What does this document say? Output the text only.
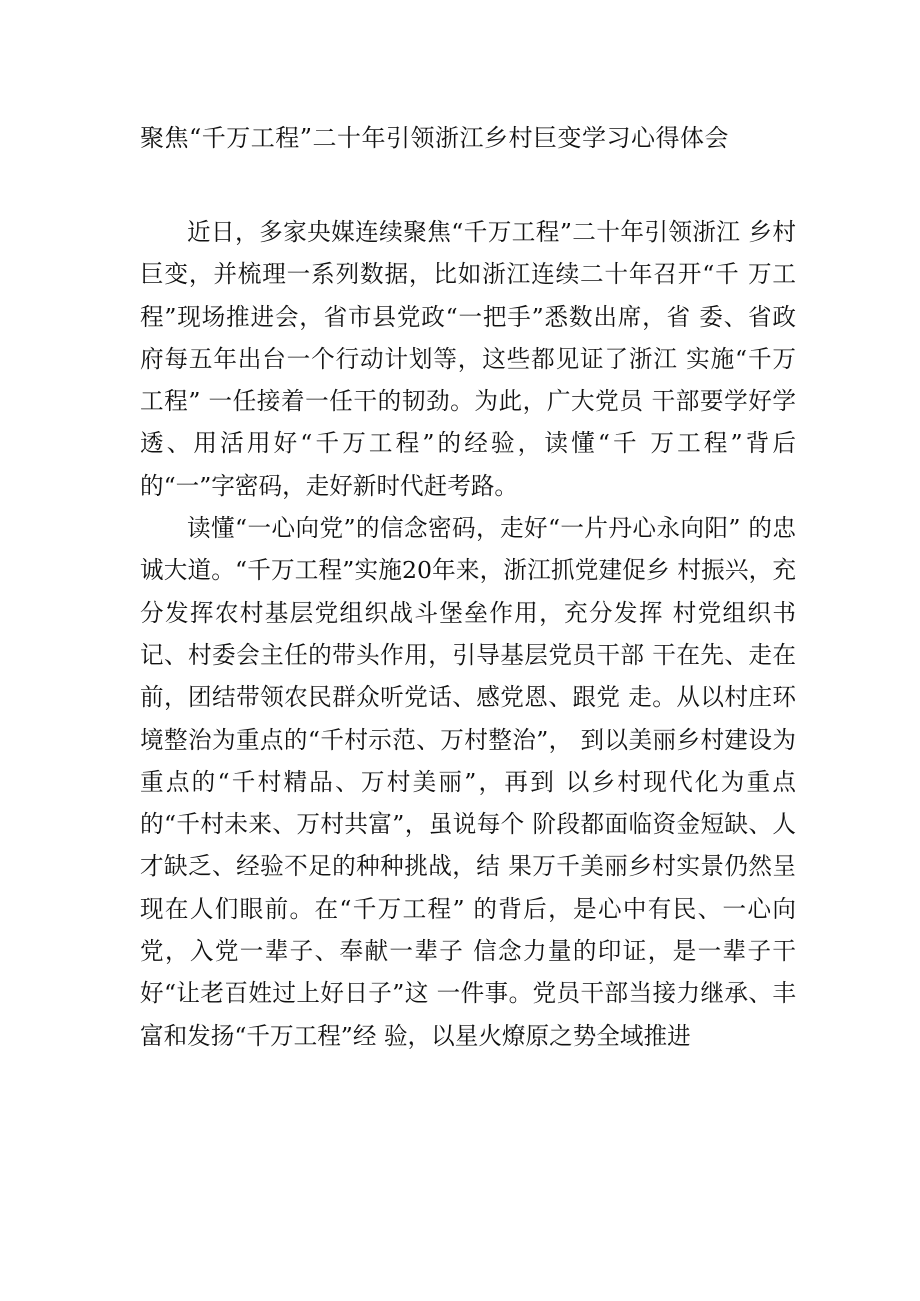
聚焦“千万工程”二十年引领浙江乡村巨变学习心得体会

近日，多家央媒连续聚焦“千万工程”二十年引领浙江 乡村巨变，并梳理一系列数据，比如浙江连续二十年召开“千 万工程”现场推进会，省市县党政“一把手”悉数出席，省 委、省政府每五年出台一个行动计划等，这些都见证了浙江 实施“千万工程” 一任接着一任干的韧劲。为此，广大党员 干部要学好学透、用活用好“千万工程”的经验，读懂“千 万工程”背后的“一”字密码，走好新时代赶考路。

读懂“一心向党”的信念密码，走好“一片丹心永向阳” 的忠诚大道。“千万工程”实施20年来，浙江抓党建促乡 村振兴，充分发挥农村基层党组织战斗堡垒作用，充分发挥 村党组织书记、村委会主任的带头作用，引导基层党员干部 干在先、走在前，团结带领农民群众听党话、感党恩、跟党 走。从以村庄环境整治为重点的“千村示范、万村整治”， 到以美丽乡村建设为重点的“千村精品、万村美丽”，再到 以乡村现代化为重点的“千村未来、万村共富”，虽说每个 阶段都面临资金短缺、人才缺乏、经验不足的种种挑战，结 果万千美丽乡村实景仍然呈现在人们眼前。在“千万工程” 的背后，是心中有民、一心向党，入党一辈子、奉献一辈子 信念力量的印证，是一辈子干好“让老百姓过上好日子”这 一件事。党员干部当接力继承、丰富和发扬“千万工程”经 验，以星火燎原之势全域推进
